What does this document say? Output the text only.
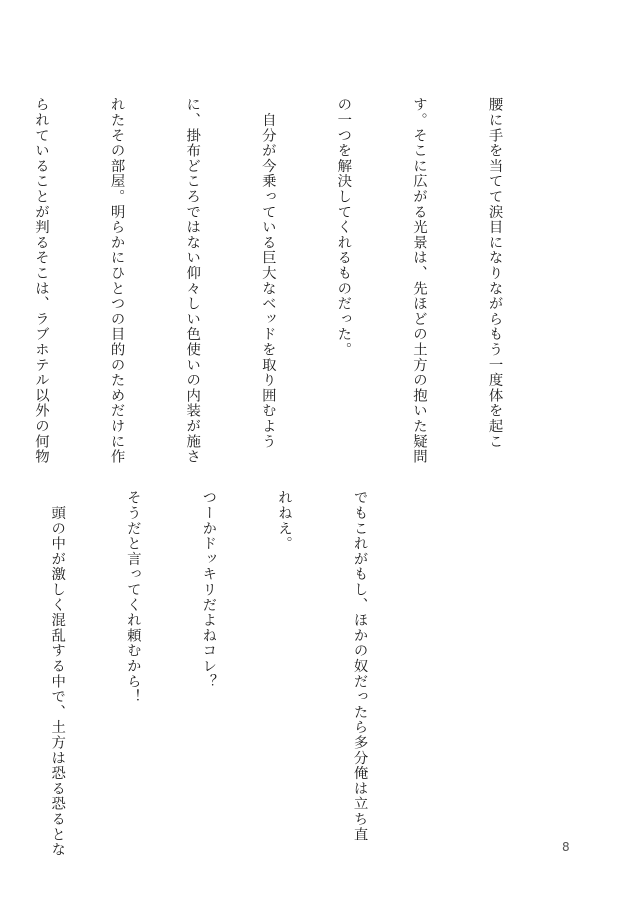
腰に手を当てて涙目になりながらもう一度体を起こ

す。そこに広がる光景は、先ほどの土方の抱いた疑問

の一つを解決してくれるものだった。

　自分が今乗っている巨大なベッドを取り囲むよう

に、掛布どころではない仰々しい色使いの内装が施さ

れたその部屋。明らかにひとつの目的のためだけに作

られていることが判るそこは、ラブホテル以外の何物

でもこれがもし、ほかの奴だったら多分俺は立ち直

れねえ。

つーかドッキリだよねコレ？

そうだと言ってくれ頼むから！

　頭の中が激しく混乱する中で、土方は恐る恐るとな

	8
